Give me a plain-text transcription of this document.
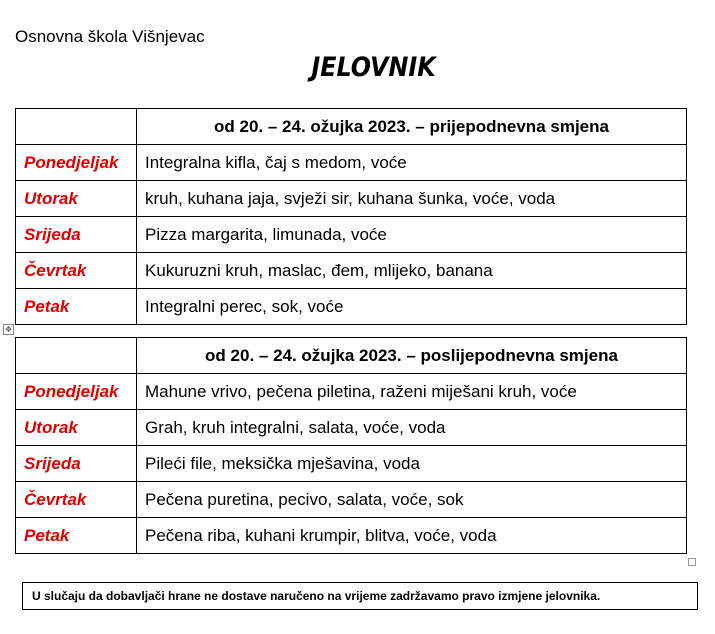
Osnovna škola Višnjevac
JELOVNIK
	od 20. – 24. ožujka 2023. – prijepodnevna smjena
Ponedjeljak	Integralna kifla, čaj s medom, voće
Utorak	kruh, kuhana jaja, svježi sir, kuhana šunka, voće, voda
Srijeda	Pizza margarita, limunada, voće
Čevrtak	Kukuruzni kruh, maslac, đem, mlijeko, banana
Petak	Integralni perec, sok, voće
✥
	od 20. – 24. ožujka 2023. – poslijepodnevna smjena
Ponedjeljak	Mahune vrivo, pečena piletina, raženi miješani kruh, voće
Utorak	Grah, kruh integralni, salata, voće, voda
Srijeda	Pileći file, meksička mješavina, voda
Čevrtak	Pečena puretina, pecivo, salata, voće, sok
Petak	Pečena riba, kuhani krumpir, blitva, voće, voda
U slučaju da dobavljači hrane ne dostave naručeno na vrijeme zadržavamo pravo izmjene jelovnika.
